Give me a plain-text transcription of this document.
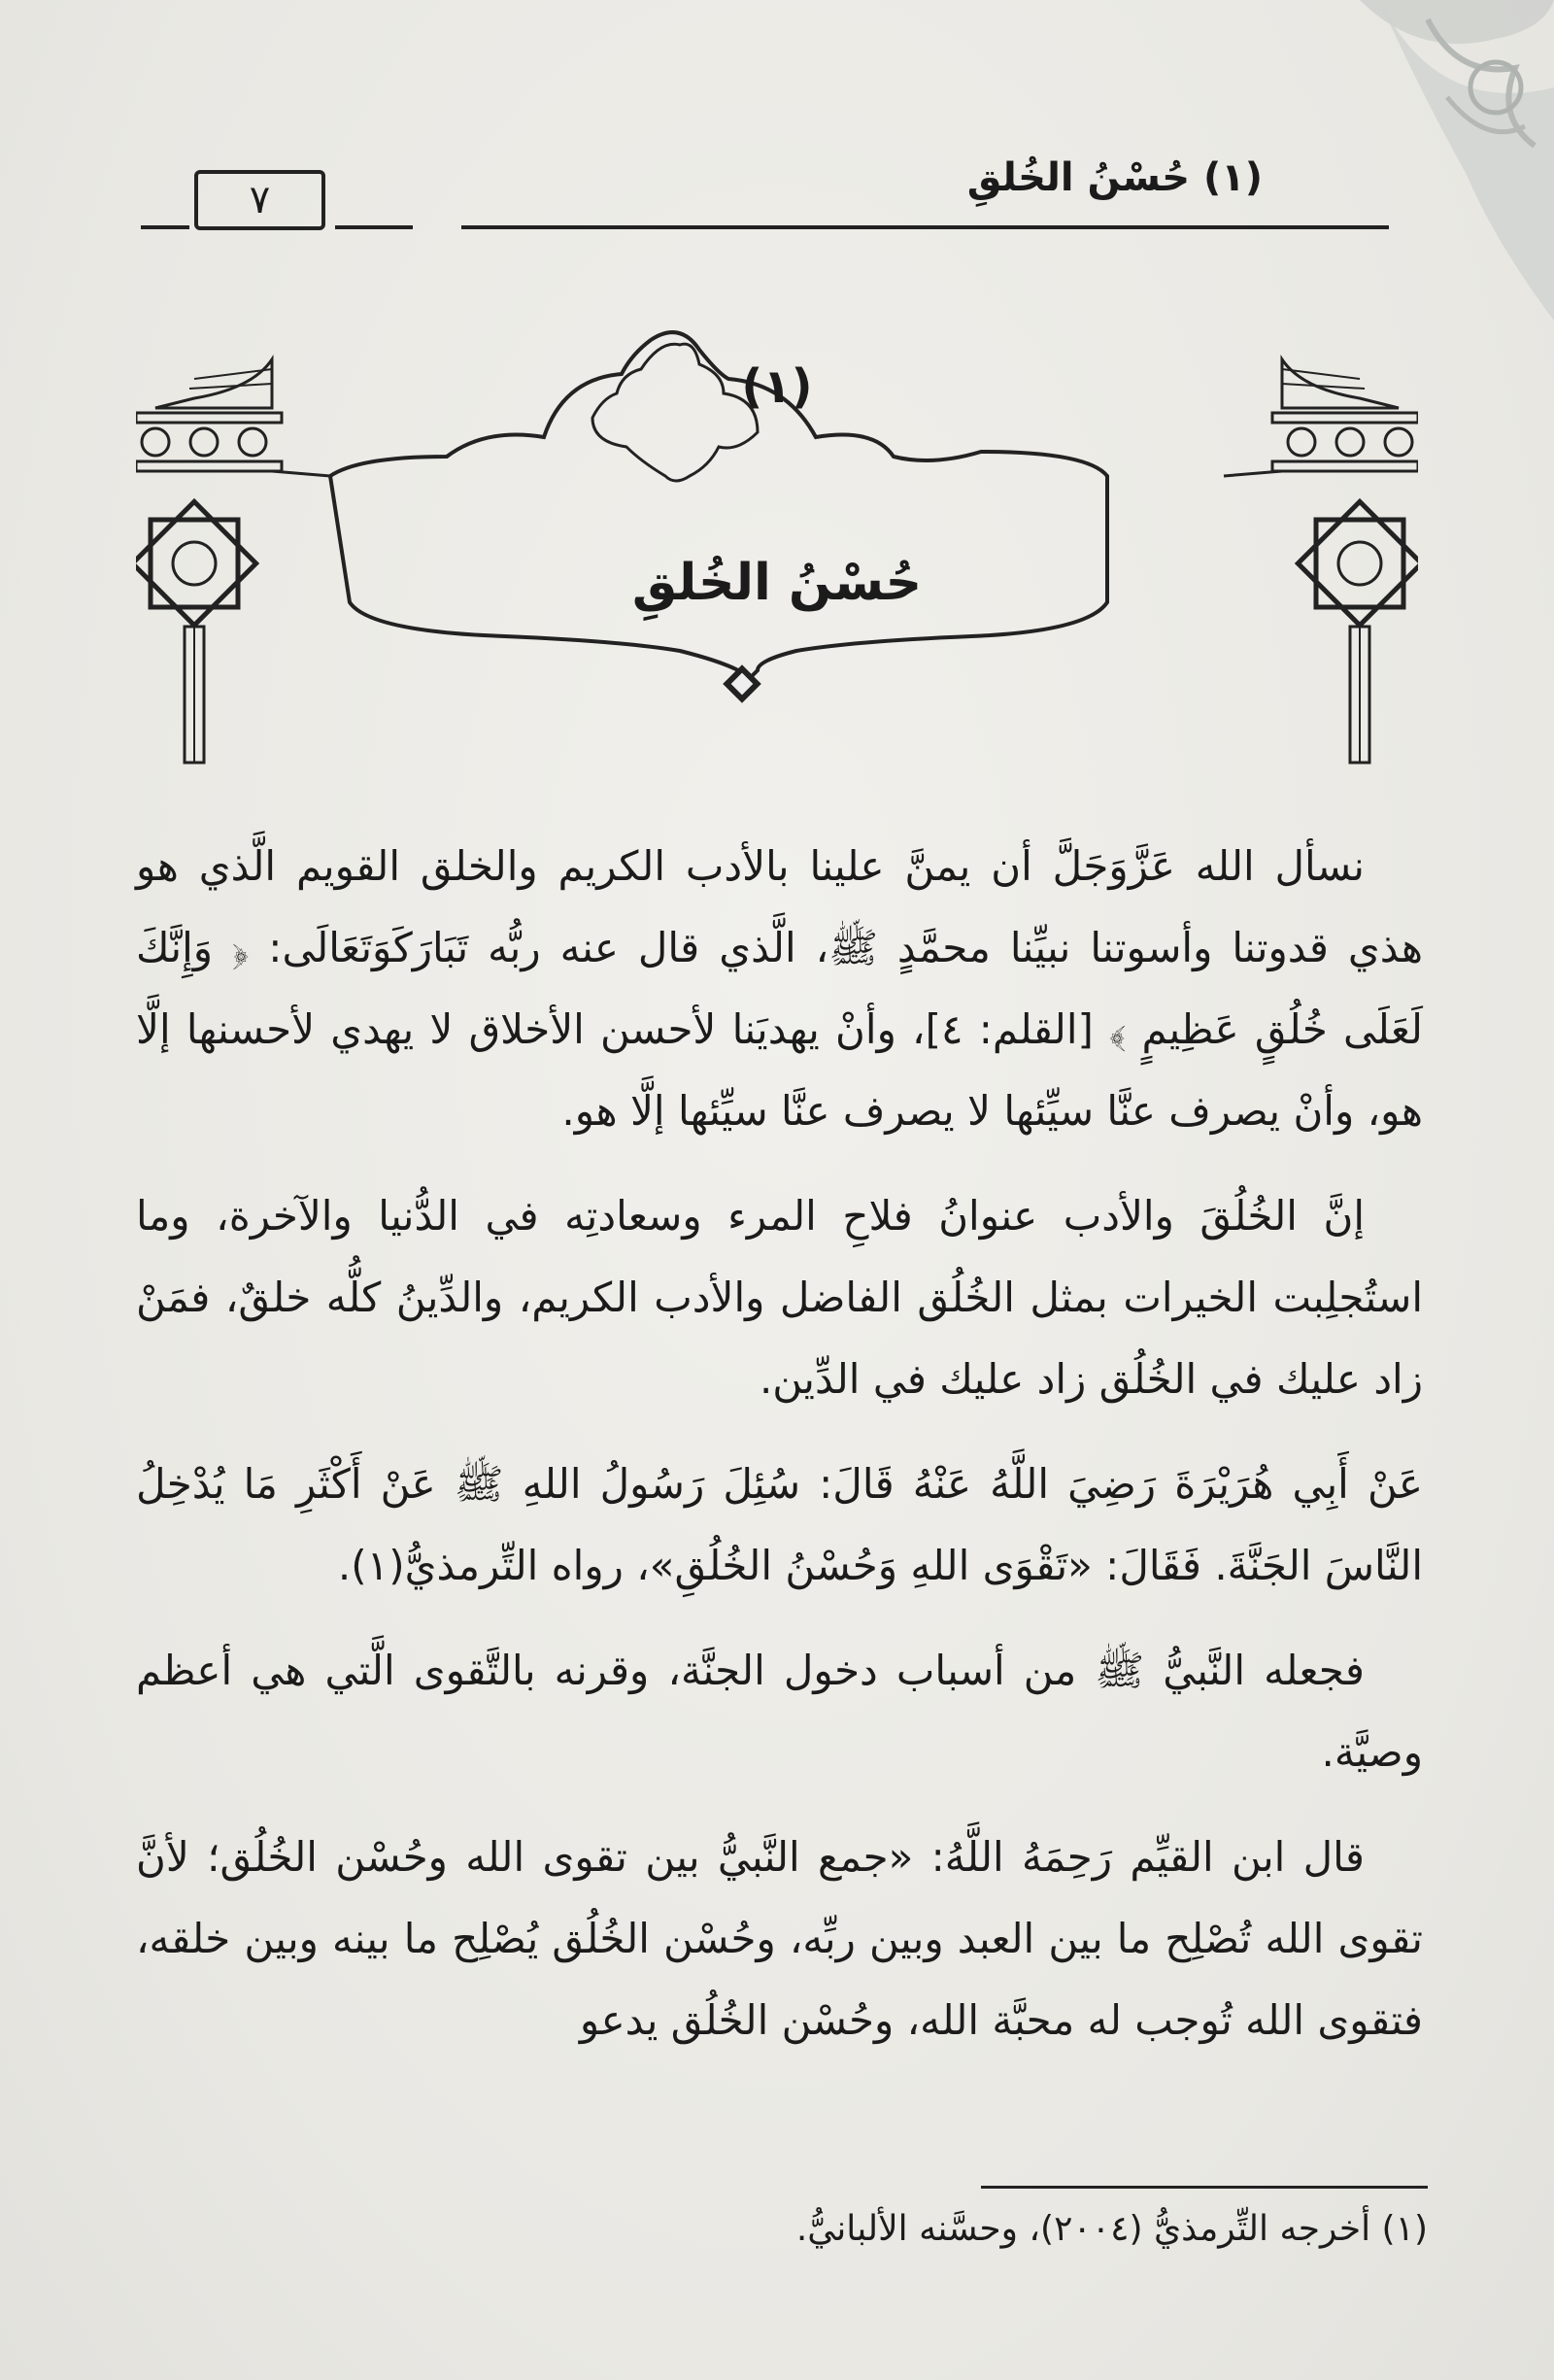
(١) حُسْنُ الخُلقِ
٧
(١)
حُسْنُ الخُلقِ

نسأل الله عَزَّوَجَلَّ أن يمنَّ علينا بالأدب الكريم والخلق القويم الَّذي هو هذي قدوتنا وأسوتنا نبيِّنا محمَّدٍ ﷺ، الَّذي قال عنه ربُّه تَبَارَكَوَتَعَالَى: ﴿ وَإِنَّكَ لَعَلَى خُلُقٍ عَظِيمٍ ﴾ [القلم: ٤]، وأنْ يهديَنا لأحسن الأخلاق لا يهدي لأحسنها إلَّا هو، وأنْ يصرف عنَّا سيِّئها لا يصرف عنَّا سيِّئها إلَّا هو.

إنَّ الخُلُقَ والأدب عنوانُ فلاحِ المرء وسعادتِه في الدُّنيا والآخرة، وما استُجلِبت الخيرات بمثل الخُلُق الفاضل والأدب الكريم، والدِّينُ كلُّه خلقٌ، فمَنْ زاد عليك في الخُلُق زاد عليك في الدِّين.

عَنْ أَبِي هُرَيْرَةَ رَضِيَ اللَّهُ عَنْهُ قَالَ: سُئِلَ رَسُولُ اللهِ ﷺ عَنْ أَكْثَرِ مَا يُدْخِلُ النَّاسَ الجَنَّةَ. فَقَالَ: «تَقْوَى اللهِ وَحُسْنُ الخُلُقِ»، رواه التِّرمذيُّ(١).

فجعله النَّبيُّ ﷺ من أسباب دخول الجنَّة، وقرنه بالتَّقوى الَّتي هي أعظم وصيَّة.

قال ابن القيِّم رَحِمَهُ اللَّهُ: «جمع النَّبيُّ بين تقوى الله وحُسْن الخُلُق؛ لأنَّ تقوى الله تُصْلِح ما بين العبد وبين ربِّه، وحُسْن الخُلُق يُصْلِح ما بينه وبين خلقه، فتقوى الله تُوجب له محبَّة الله، وحُسْن الخُلُق يدعو

(١) أخرجه التِّرمذيُّ (٢٠٠٤)، وحسَّنه الألبانيُّ.
